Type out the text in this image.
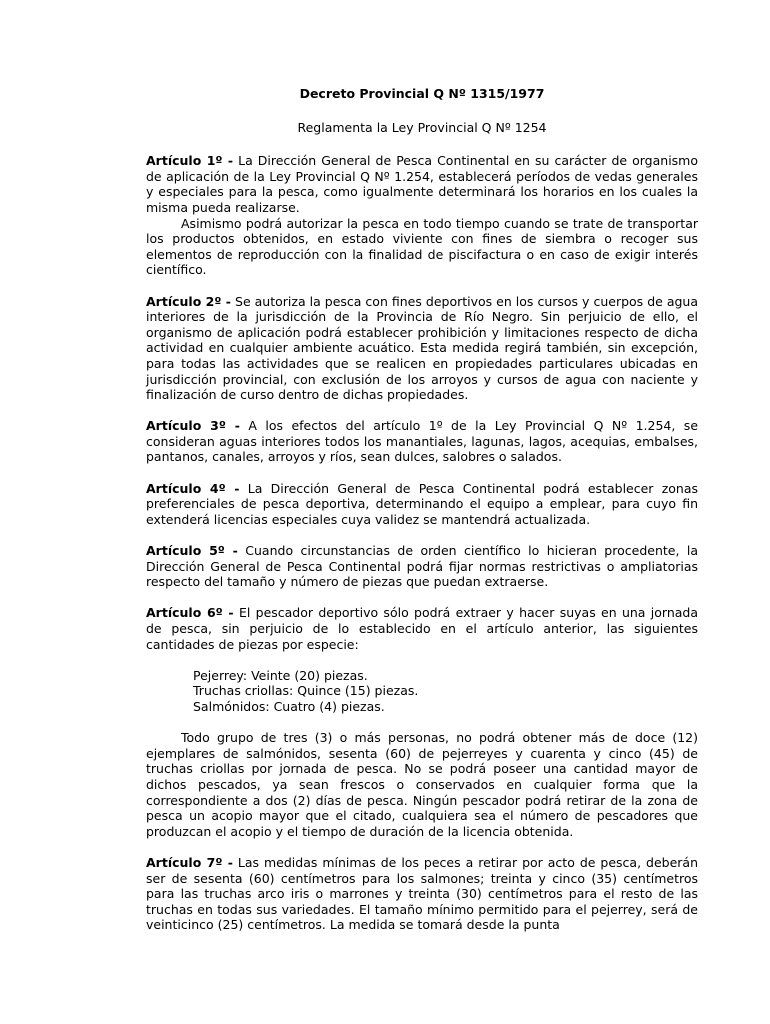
Decreto Provincial Q Nº 1315/1977
Reglamenta la Ley Provincial Q Nº 1254

Artículo 1º - La Dirección General de Pesca Continental en su carácter de organismo de aplicación de la Ley Provincial Q Nº 1.254, establecerá períodos de vedas generales y especiales para la pesca, como igualmente determinará los horarios en los cuales la misma pueda realizarse.

Asimismo podrá autorizar la pesca en todo tiempo cuando se trate de transportar los productos obtenidos, en estado viviente con fines de siembra o recoger sus elementos de reproducción con la finalidad de piscifactura o en caso de exigir interés científico.

Artículo 2º - Se autoriza la pesca con fines deportivos en los cursos y cuerpos de agua interiores de la jurisdicción de la Provincia de Río Negro. Sin perjuicio de ello, el organismo de aplicación podrá establecer prohibición y limitaciones respecto de dicha actividad en cualquier ambiente acuático. Esta medida regirá también, sin excepción, para todas las actividades que se realicen en propiedades particulares ubicadas en jurisdicción provincial, con exclusión de los arroyos y cursos de agua con naciente y finalización de curso dentro de dichas propiedades.

Artículo 3º - A los efectos del artículo 1º de la Ley Provincial Q Nº 1.254, se consideran aguas interiores todos los manantiales, lagunas, lagos, acequias, embalses, pantanos, canales, arroyos y ríos, sean dulces, salobres o salados.

Artículo 4º - La Dirección General de Pesca Continental podrá establecer zonas preferenciales de pesca deportiva, determinando el equipo a emplear, para cuyo fin extenderá licencias especiales cuya validez se mantendrá actualizada.

Artículo 5º - Cuando circunstancias de orden científico lo hicieran procedente, la Dirección General de Pesca Continental podrá fijar normas restrictivas o ampliatorias respecto del tamaño y número de piezas que puedan extraerse.

Artículo 6º - El pescador deportivo sólo podrá extraer y hacer suyas en una jornada de pesca, sin perjuicio de lo establecido en el artículo anterior, las siguientes cantidades de piezas por especie:

Pejerrey: Veinte (20) piezas.
Truchas criollas: Quince (15) piezas.
Salmónidos: Cuatro (4) piezas.

Todo grupo de tres (3) o más personas, no podrá obtener más de doce (12) ejemplares de salmónidos, sesenta (60) de pejerreyes y cuarenta y cinco (45) de truchas criollas por jornada de pesca. No se podrá poseer una cantidad mayor de dichos pescados, ya sean frescos o conservados en cualquier forma que la correspondiente a dos (2) días de pesca. Ningún pescador podrá retirar de la zona de pesca un acopio mayor que el citado, cualquiera sea el número de pescadores que produzcan el acopio y el tiempo de duración de la licencia obtenida.

Artículo 7º - Las medidas mínimas de los peces a retirar por acto de pesca, deberán ser de sesenta (60) centímetros para los salmones; treinta y cinco (35) centímetros para las truchas arco iris o marrones y treinta (30) centímetros para el resto de las truchas en todas sus variedades. El tamaño mínimo permitido para el pejerrey, será de veinticinco (25) centímetros. La medida se tomará desde la punta
